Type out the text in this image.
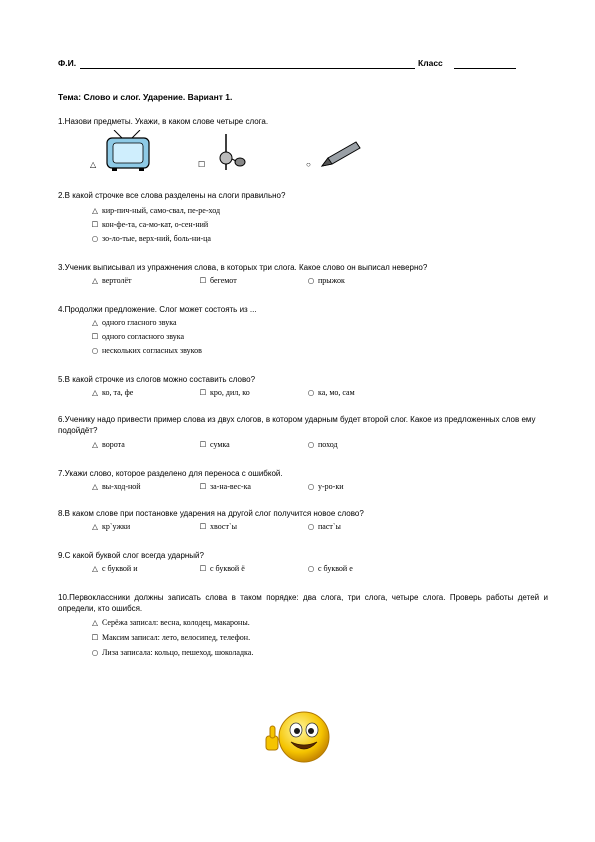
Ф.И.	Класс
Тема: Слово и слог. Ударение. Вариант 1.
1.Назови предметы. Укажи, в каком слове четыре слога.
△	☐	○
2.В какой строчке все слова разделены на слоги правильно?
△ кир-пич-ный, само-свал, пе-ре-ход
☐ кон-фе-та, са-мо-кат, о-сен-ний
○ зо-ло-тые, верх-ний, боль-ни-ца
3.Ученик выписывал из упражнения слова, в которых три слога. Какое слово он выписал неверно?
△ вертолёт	☐ бегемот	○ прыжок
4.Продолжи предложение. Слог может состоять из ...
△ одного гласного звука
☐ одного согласного звука
○ нескольких согласных звуков
5.В какой строчке из слогов можно составить слово?
△ ко, та, фе	☐ кро, дил, ко	○ ка, мо, сам
6.Ученику надо привести пример слова из двух слогов, в котором ударным будет второй слог. Какое из предложенных слов ему подойдёт?
△ ворота	☐ сумка	○ поход
7.Укажи слово, которое разделено для переноса с ошибкой.
△ вы-ход-ной	☐ за-на-вес-ка	○ у-ро-ки
8.В каком слове при постановке ударения на другой слог получится новое слово?
△ кр`ужки	☐ хвост`ы	○ паст`ы
9.С какой буквой слог всегда ударный?
△ с буквой и	☐ с буквой ё	○ с буквой е
10.Первоклассники должны записать слова в таком порядке: два слога, три слога, четыре слога. Проверь работы детей и определи, кто ошибся.
△ Серёжа записал: весна, колодец, макароны.
☐ Максим записал: лето, велосипед, телефон.
○ Лиза записала: кольцо, пешеход, шоколадка.
